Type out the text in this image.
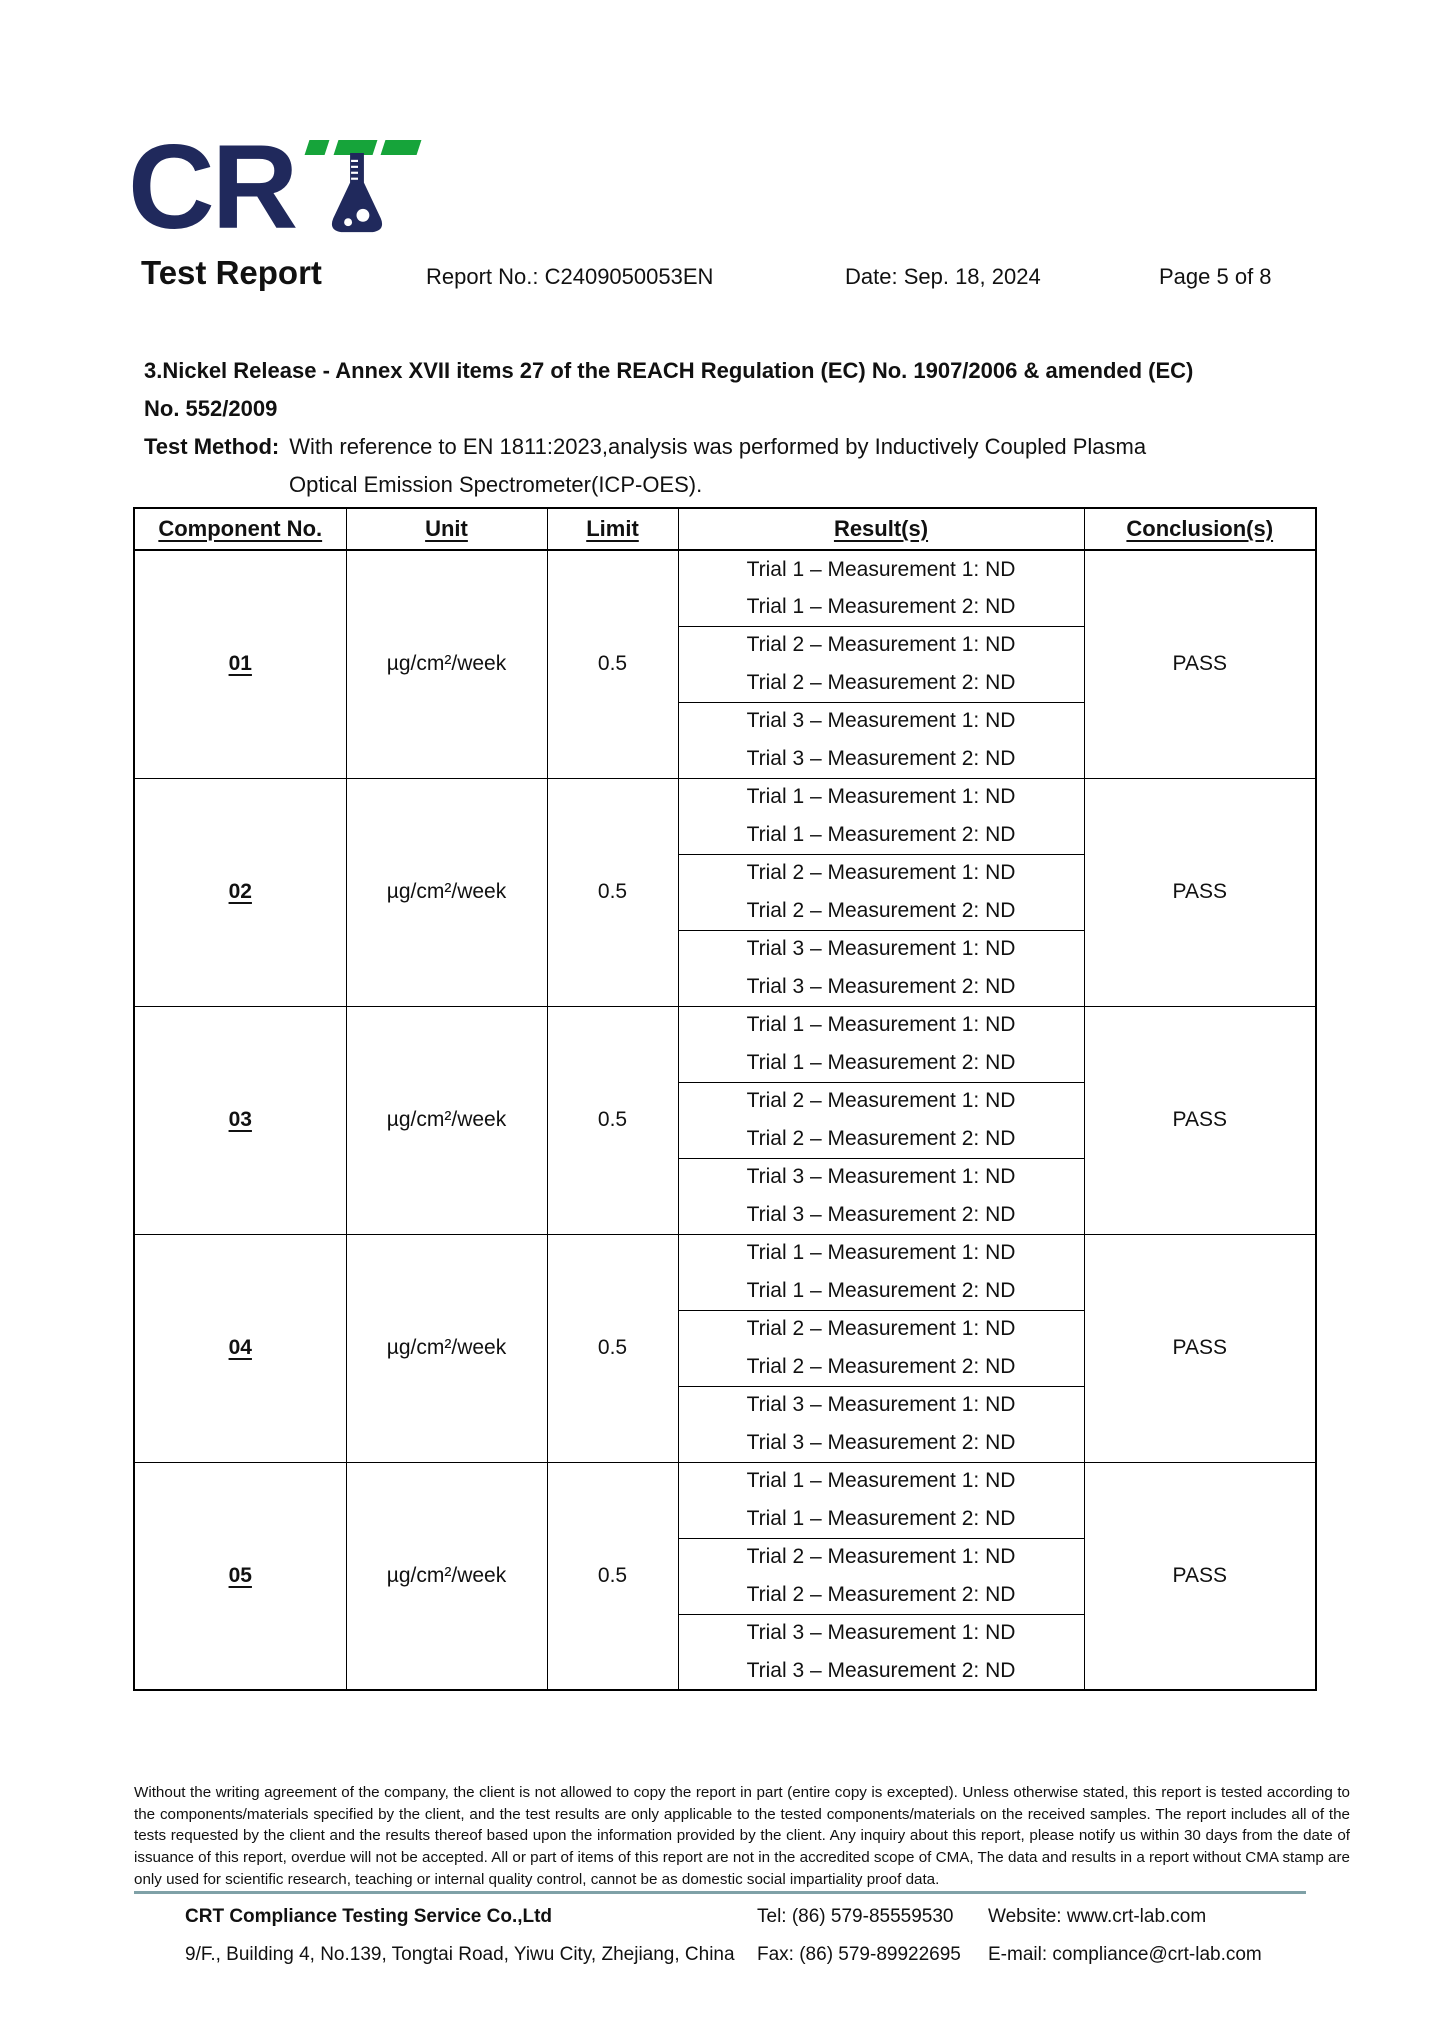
CR
Test Report	Report No.: C2409050053EN	Date: Sep. 18, 2024	Page 5 of 8
3.Nickel Release - Annex XVII items 27 of the REACH Regulation (EC) No. 1907/2006 & amended (EC)
No. 552/2009
Test Method: With reference to EN 1811:2023,analysis was performed by Inductively Coupled Plasma
Optical Emission Spectrometer(ICP-OES).
Component No.	Unit	Limit	Result(s)	Conclusion(s)
01	µg/cm²/week	0.5	Trial 1 – Measurement 1: ND	PASS
			Trial 1 – Measurement 2: ND	
			Trial 2 – Measurement 1: ND	
			Trial 2 – Measurement 2: ND	
			Trial 3 – Measurement 1: ND	
			Trial 3 – Measurement 2: ND	
02	µg/cm²/week	0.5	Trial 1 – Measurement 1: ND	PASS
			Trial 1 – Measurement 2: ND	
			Trial 2 – Measurement 1: ND	
			Trial 2 – Measurement 2: ND	
			Trial 3 – Measurement 1: ND	
			Trial 3 – Measurement 2: ND	
03	µg/cm²/week	0.5	Trial 1 – Measurement 1: ND	PASS
			Trial 1 – Measurement 2: ND	
			Trial 2 – Measurement 1: ND	
			Trial 2 – Measurement 2: ND	
			Trial 3 – Measurement 1: ND	
			Trial 3 – Measurement 2: ND	
04	µg/cm²/week	0.5	Trial 1 – Measurement 1: ND	PASS
			Trial 1 – Measurement 2: ND	
			Trial 2 – Measurement 1: ND	
			Trial 2 – Measurement 2: ND	
			Trial 3 – Measurement 1: ND	
			Trial 3 – Measurement 2: ND	
05	µg/cm²/week	0.5	Trial 1 – Measurement 1: ND	PASS
			Trial 1 – Measurement 2: ND	
			Trial 2 – Measurement 1: ND	
			Trial 2 – Measurement 2: ND	
			Trial 3 – Measurement 1: ND	
			Trial 3 – Measurement 2: ND	
Without the writing agreement of the company, the client is not allowed to copy the report in part (entire copy is excepted). Unless otherwise stated, this report is tested according to the components/materials specified by the client, and the test results are only applicable to the tested components/materials on the received samples. The report includes all of the tests requested by the client and the results thereof based upon the information provided by the client. Any inquiry about this report, please notify us within 30 days from the date of issuance of this report, overdue will not be accepted. All or part of items of this report are not in the accredited scope of CMA, The data and results in a report without CMA stamp are only used for scientific research, teaching or internal quality control, cannot be as domestic social impartiality proof data.
CRT Compliance Testing Service Co.,Ltd
9/F., Building 4, No.139, Tongtai Road, Yiwu City, Zhejiang, China
Tel: (86) 579-85559530
Fax: (86) 579-89922695
Website: www.crt-lab.com
E-mail: compliance@crt-lab.com
